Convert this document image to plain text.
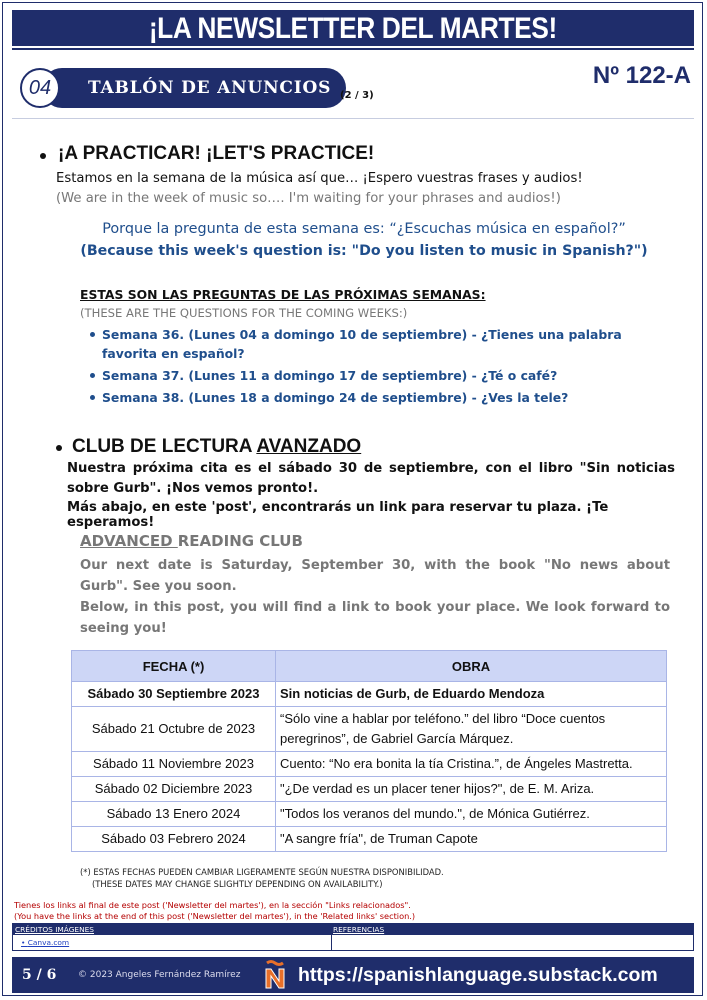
¡LA NEWSLETTER DEL MARTES!
TABLÓN DE ANUNCIOS
04	(2 / 3)
Nº 122-A
¡A PRACTICAR! ¡LET'S PRACTICE!
Estamos en la semana de la música así que… ¡Espero vuestras frases y audios!
(We are in the week of music so…. I'm waiting for your phrases and audios!)
Porque la pregunta de esta semana es: “¿Escuchas música en español?”
(Because this week's question is: "Do you listen to music in Spanish?")
ESTAS SON LAS PREGUNTAS DE LAS PRÓXIMAS SEMANAS:
(THESE ARE THE QUESTIONS FOR THE COMING WEEKS:)
Semana 36. (Lunes 04 a domingo 10 de septiembre) - ¿Tienes una palabra favorita en español?
Semana 37. (Lunes 11 a domingo 17 de septiembre) - ¿Té o café?
Semana 38. (Lunes 18 a domingo 24 de septiembre) - ¿Ves la tele?
CLUB DE LECTURA AVANZADO
Nuestra próxima cita es el sábado 30 de septiembre, con el libro "Sin noticias sobre Gurb". ¡Nos vemos pronto!.
Más abajo, en este 'post', encontrarás un link para reservar tu plaza. ¡Te esperamos!
ADVANCED READING CLUB
Our next date is Saturday, September 30, with the book "No news about Gurb". See you soon.
Below, in this post, you will find a link to book your place. We look forward to seeing you!
FECHA (*)	OBRA
Sábado 30 Septiembre 2023	Sin noticias de Gurb, de Eduardo Mendoza
Sábado 21 Octubre de 2023	“Sólo vine a hablar por teléfono.” del libro “Doce cuentos peregrinos”, de Gabriel García Márquez.
Sábado 11 Noviembre 2023	Cuento: “No era bonita la tía Cristina.”, de Ángeles Mastretta.
Sábado 02 Diciembre 2023	"¿De verdad es un placer tener hijos?", de E. M. Ariza.
Sábado 13 Enero 2024	"Todos los veranos del mundo.", de Mónica Gutiérrez.
Sábado 03 Febrero 2024	"A sangre fría", de Truman Capote
(*) ESTAS FECHAS PUEDEN CAMBIAR LIGERAMENTE SEGÚN NUESTRA DISPONIBILIDAD.
(THESE DATES MAY CHANGE SLIGHTLY DEPENDING ON AVAILABILITY.)
Tienes los links al final de este post ('Newsletter del martes'), en la sección "Links relacionados".
(You have the links at the end of this post ('Newsletter del martes'), in the 'Related links' section.)
CRÉDITOS IMÁGENES	REFERENCIAS
• Canva.com
5 / 6 © 2023 Angeles Fernández Ramírez	https://spanishlanguage.substack.com
